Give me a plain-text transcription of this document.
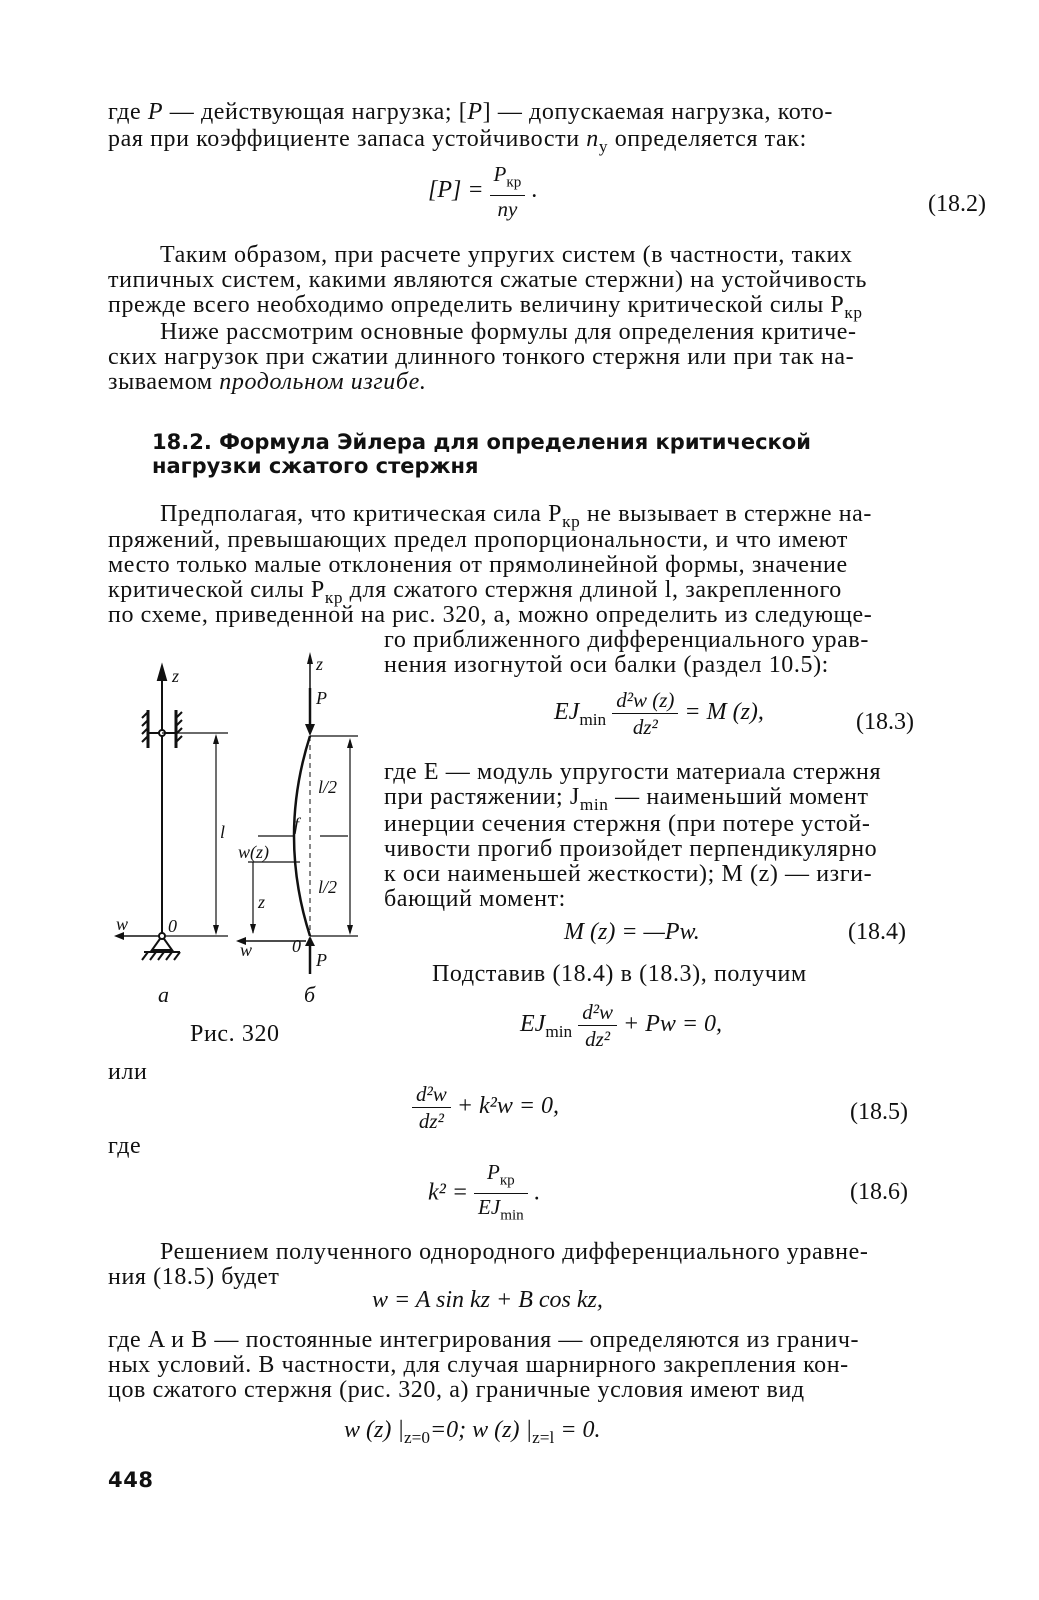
где P — действующая нагрузка; [P] — допускаемая нагрузка, кото-
рая при коэффициенте запаса устойчивости $n_у$ определяется так:
$[P] = \frac{P_{кр}}{nу}$ .
(18.2)
Таким образом, при расчете упругих систем (в частности, таких
типичных систем, какими являются сжатые стержни) на устойчивость
прежде всего необходимо определить величину критической силы $P_{кр}$
Ниже рассмотрим основные формулы для определения критиче-
ских нагрузок при сжатии длинного тонкого стержня или при так на-
зываемом продольном изгибе.
18.2. Формула Эйлера для определения критической
нагрузки сжатого стержня
Предполагая, что критическая сила $P_{кр}$ не вызывает в стержне на-
пряжений, превышающих предел пропорциональности, и что имеют
место только малые отклонения от прямолинейной формы, значение
критической силы $P_{кр}$ для сжатого стержня длиной l, закрепленного
по схеме, приведенной на рис. 320, а, можно определить из следующе-
го приближенного дифференциального урав-
нения изогнутой оси балки (раздел 10.5):
z
w 0
l
z
P
f
w(z)
l/2
l/2
z
0
P
w
а	б
Рис. 320
$EJ_{min} \frac{\text{d²w (z)}}{\text{dz²}} = M$ (z),	(18.3)
где E — модуль упругости материала стержня
при растяжении; $J_{min}$ — наименьший момент
инерции сечения стержня (при потере устой-
чивости прогиб произойдет перпендикулярно
к оси наименьшей жесткости); M (z) — изги-
бающий момент:
M (z) = —Pw.	(18.4)
Подставив (18.4) в (18.3), получим
$EJ_{min} \frac{\text{d²w}}{\text{dz²}} + Pw = 0$,
или
$\frac{\text{d²w}}{\text{dz²}} + k^2w = 0$,	(18.5)
где
$k^2 = \frac{P_{кр}}{EJ_{min}}$ .	(18.6)
Решением полученного однородного дифференциального уравне-
ния (18.5) будет
w = A sin kz + B cos kz,
где A и B — постоянные интегрирования — определяются из гранич-
ных условий. В частности, для случая шарнирного закрепления кон-
цов сжатого стержня (рис. 320, а) граничные условия имеют вид
w (z) $|_{z=0}=0$; w (z) $|_{z=l} = 0$.
448
